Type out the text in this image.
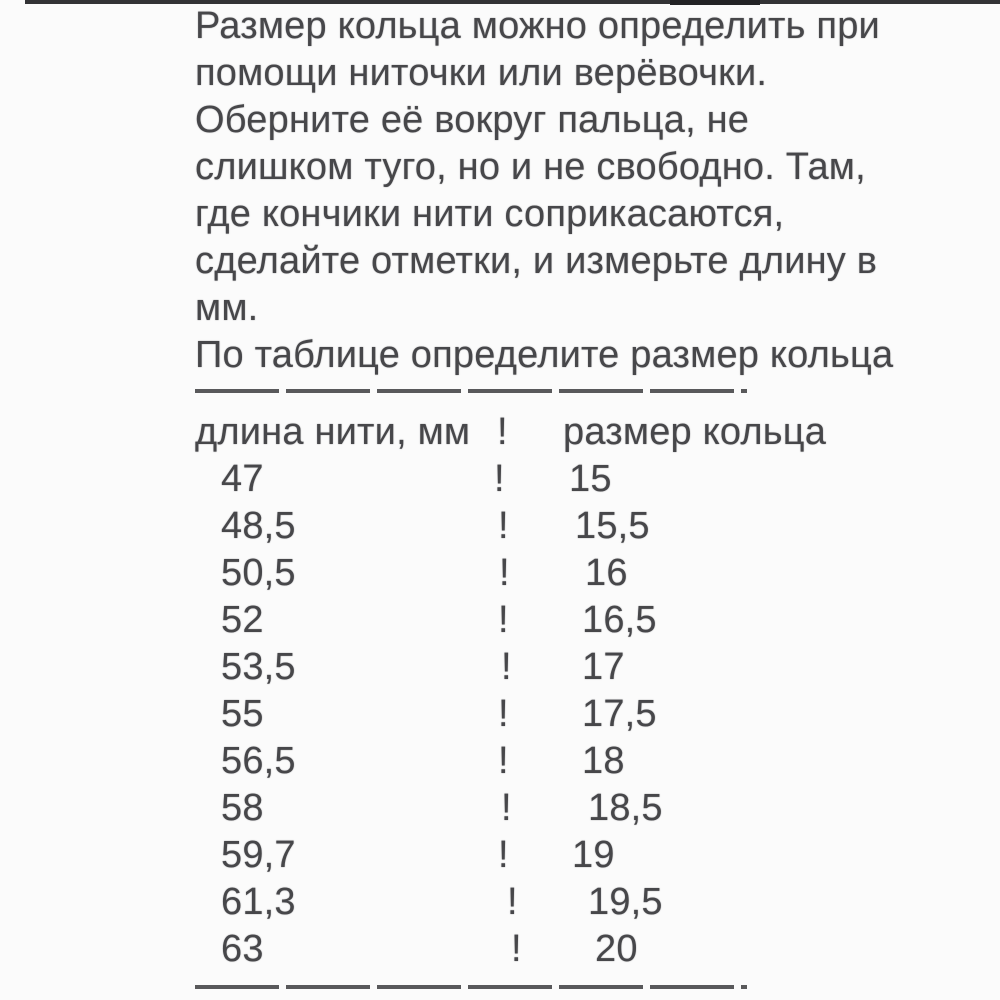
Размер кольца можно определить при
помощи ниточки или верёвочки.
Оберните её вокруг пальца, не
слишком туго, но и не свободно. Там,
где кончики нити соприкасаются,
сделайте отметки, и измерьте длину в
мм.
По таблице определите размер кольца
длина нити, мм !	размер кольца
47	!	15
48,5	!	15,5
50,5	!	16
52	!	16,5
53,5	!	17
55	!	17,5
56,5	!	18
58	!	18,5
59,7	!	19
61,3	!	19,5
63	!	20
